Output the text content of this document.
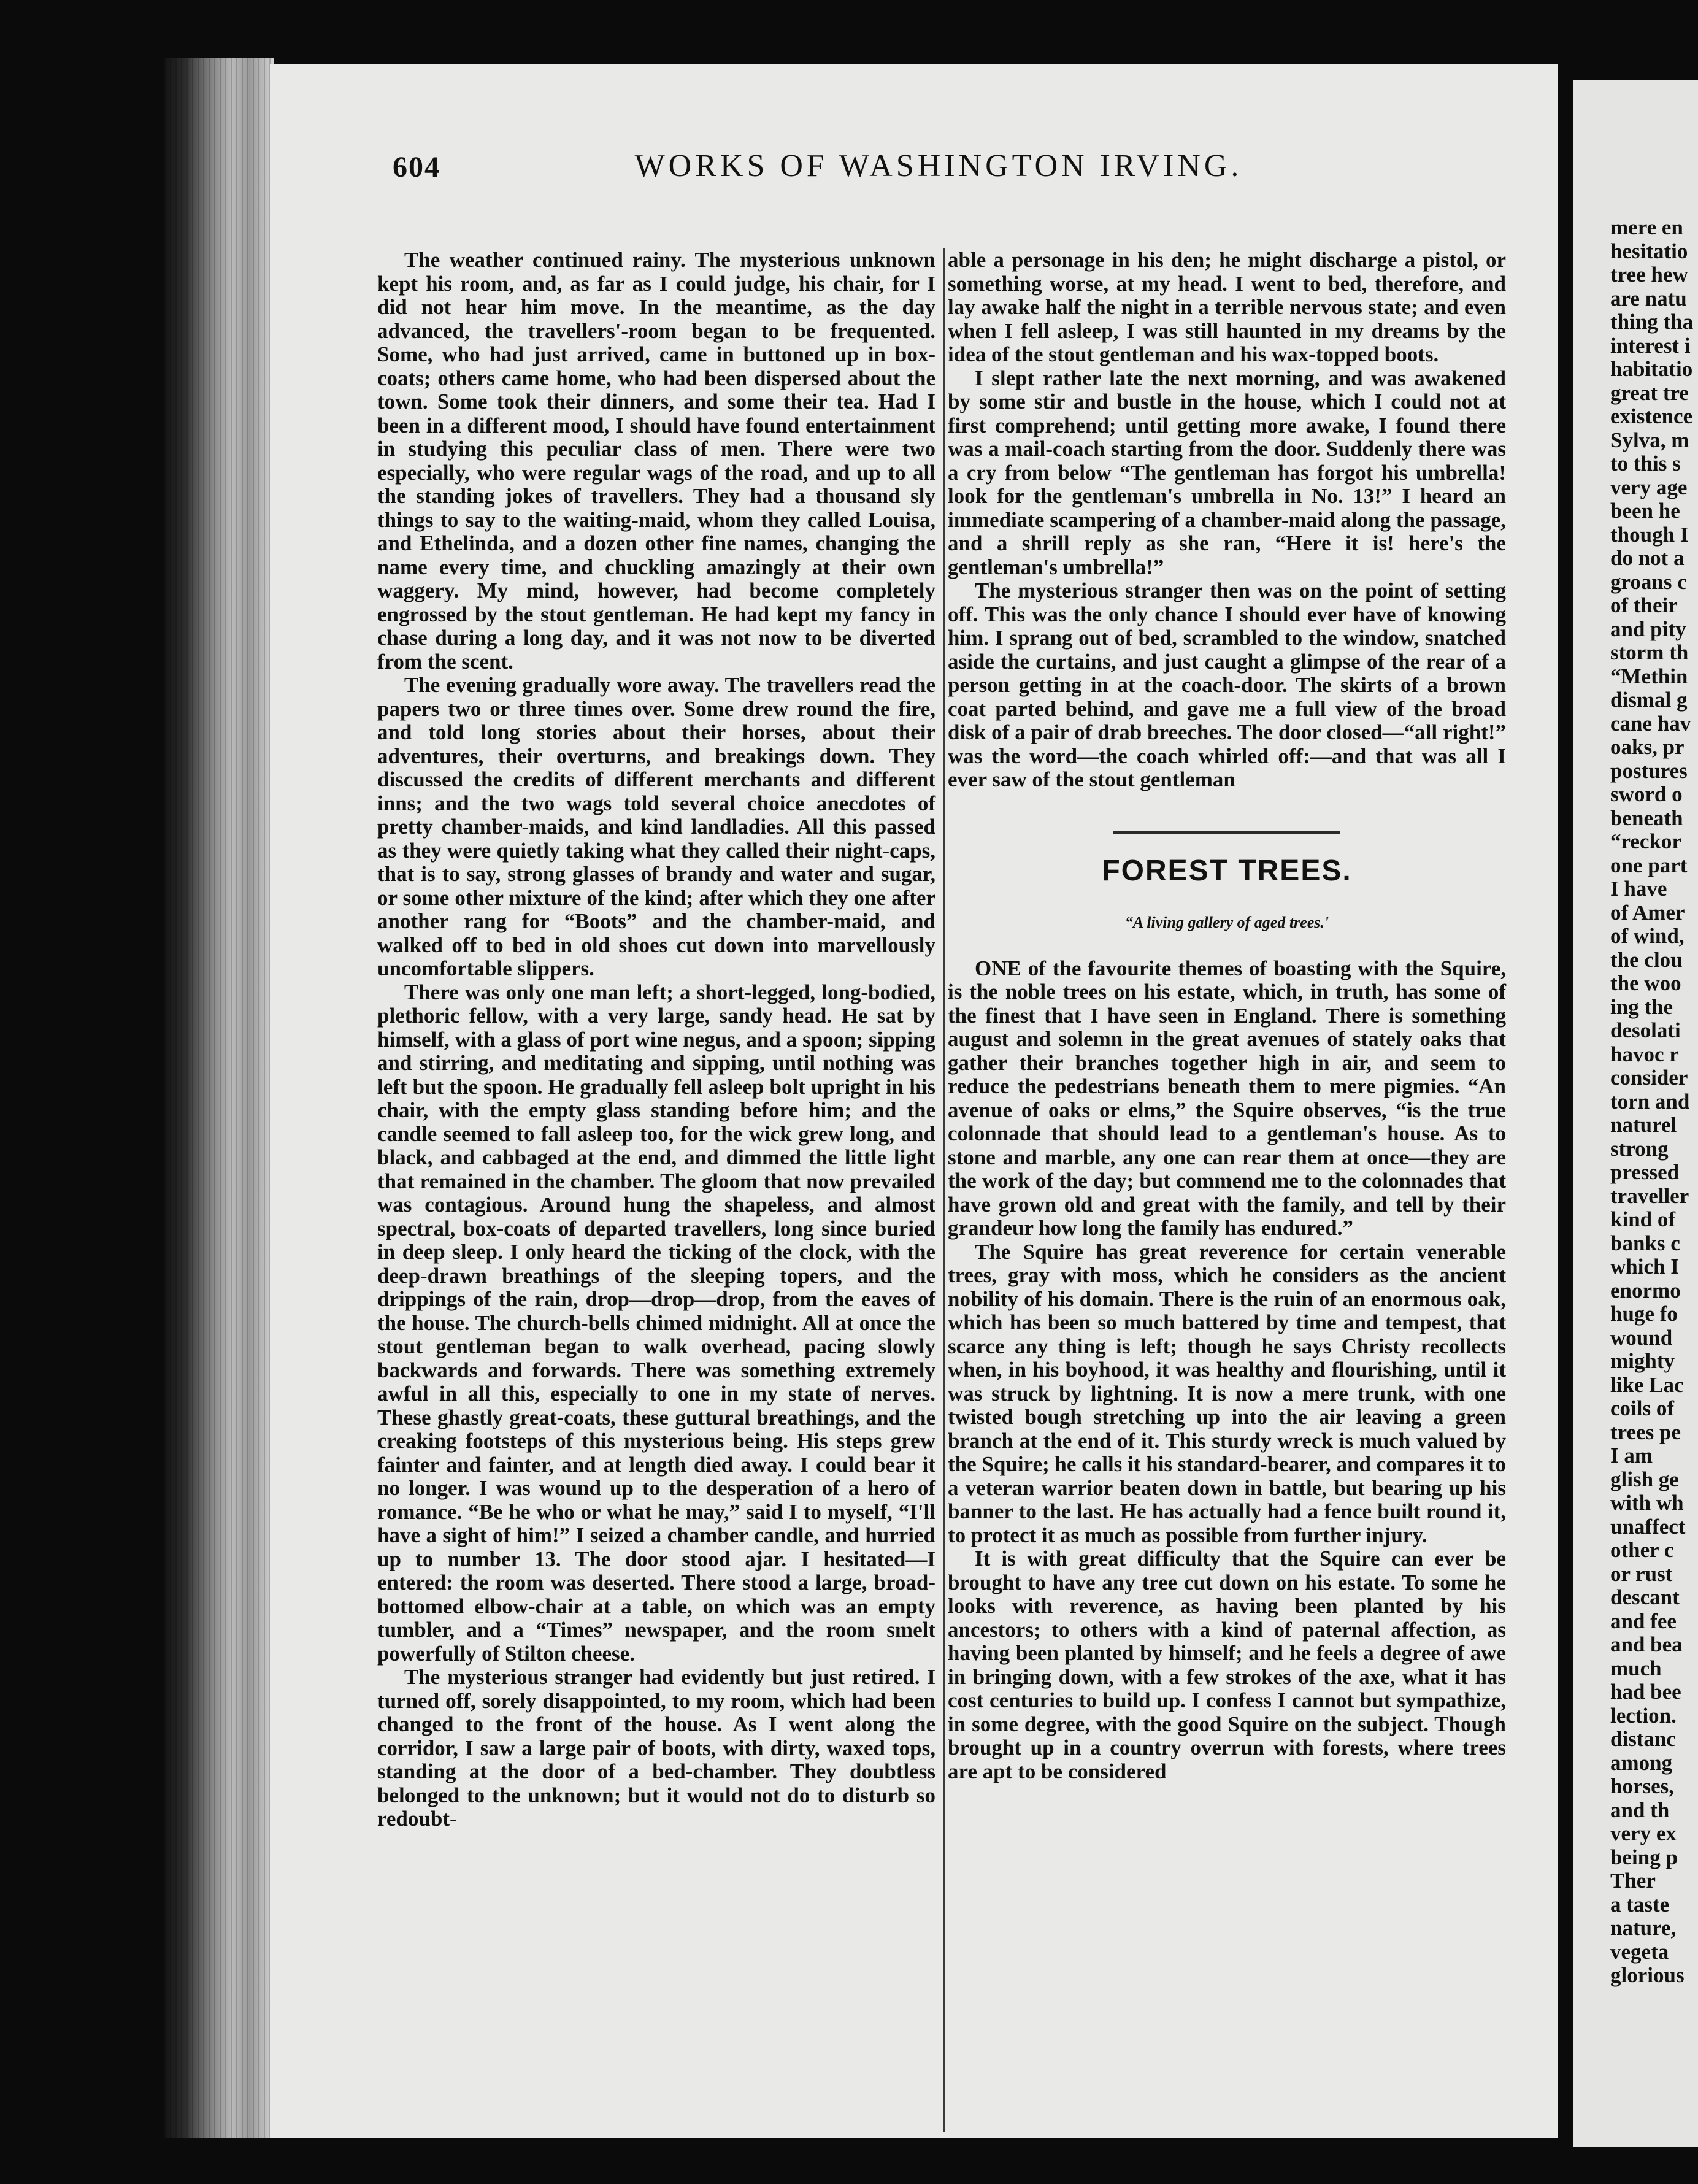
604	WORKS OF WASHINGTON IRVING.

The weather continued rainy. The mysterious unknown kept his room, and, as far as I could judge, his chair, for I did not hear him move. In the meantime, as the day advanced, the travellers'-room began to be frequented. Some, who had just arrived, came in buttoned up in box-coats; others came home, who had been dispersed about the town. Some took their dinners, and some their tea. Had I been in a different mood, I should have found entertainment in studying this peculiar class of men. There were two especially, who were regular wags of the road, and up to all the standing jokes of travellers. They had a thousand sly things to say to the waiting-maid, whom they called Louisa, and Ethelinda, and a dozen other fine names, changing the name every time, and chuckling amazingly at their own waggery. My mind, however, had become completely engrossed by the stout gentleman. He had kept my fancy in chase during a long day, and it was not now to be diverted from the scent.

The evening gradually wore away. The travellers read the papers two or three times over. Some drew round the fire, and told long stories about their horses, about their adventures, their overturns, and breakings down. They discussed the credits of different merchants and different inns; and the two wags told several choice anecdotes of pretty chamber-maids, and kind landladies. All this passed as they were quietly taking what they called their night-caps, that is to say, strong glasses of brandy and water and sugar, or some other mixture of the kind; after which they one after another rang for “Boots” and the chamber-maid, and walked off to bed in old shoes cut down into marvellously uncomfortable slippers.

There was only one man left; a short-legged, long-bodied, plethoric fellow, with a very large, sandy head. He sat by himself, with a glass of port wine negus, and a spoon; sipping and stirring, and meditating and sipping, until nothing was left but the spoon. He gradually fell asleep bolt upright in his chair, with the empty glass standing before him; and the candle seemed to fall asleep too, for the wick grew long, and black, and cabbaged at the end, and dimmed the little light that remained in the chamber. The gloom that now prevailed was contagious. Around hung the shapeless, and almost spectral, box-coats of departed travellers, long since buried in deep sleep. I only heard the ticking of the clock, with the deep-drawn breathings of the sleeping topers, and the drippings of the rain, drop—drop—drop, from the eaves of the house. The church-bells chimed midnight. All at once the stout gentleman began to walk overhead, pacing slowly backwards and forwards. There was something extremely awful in all this, especially to one in my state of nerves. These ghastly great-coats, these guttural breathings, and the creaking footsteps of this mysterious being. His steps grew fainter and fainter, and at length died away. I could bear it no longer. I was wound up to the desperation of a hero of romance. “Be he who or what he may,” said I to myself, “I'll have a sight of him!” I seized a chamber candle, and hurried up to number 13. The door stood ajar. I hesitated—I entered: the room was deserted. There stood a large, broad-bottomed elbow-chair at a table, on which was an empty tumbler, and a “Times” newspaper, and the room smelt powerfully of Stilton cheese.

The mysterious stranger had evidently but just retired. I turned off, sorely disappointed, to my room, which had been changed to the front of the house. As I went along the corridor, I saw a large pair of boots, with dirty, waxed tops, standing at the door of a bed-chamber. They doubtless belonged to the unknown; but it would not do to disturb so redoubt-

able a personage in his den; he might discharge a pistol, or something worse, at my head. I went to bed, therefore, and lay awake half the night in a terrible nervous state; and even when I fell asleep, I was still haunted in my dreams by the idea of the stout gentleman and his wax-topped boots.

I slept rather late the next morning, and was awakened by some stir and bustle in the house, which I could not at first comprehend; until getting more awake, I found there was a mail-coach starting from the door. Suddenly there was a cry from below “The gentleman has forgot his umbrella! look for the gentleman's umbrella in No. 13!” I heard an immediate scampering of a chamber-maid along the passage, and a shrill reply as she ran, “Here it is! here's the gentleman's umbrella!”

The mysterious stranger then was on the point of setting off. This was the only chance I should ever have of knowing him. I sprang out of bed, scrambled to the window, snatched aside the curtains, and just caught a glimpse of the rear of a person getting in at the coach-door. The skirts of a brown coat parted behind, and gave me a full view of the broad disk of a pair of drab breeches. The door closed—“all right!” was the word—the coach whirled off:—and that was all I ever saw of the stout gentleman

FOREST TREES.
“A living gallery of aged trees.'

ONE of the favourite themes of boasting with the Squire, is the noble trees on his estate, which, in truth, has some of the finest that I have seen in England. There is something august and solemn in the great avenues of stately oaks that gather their branches together high in air, and seem to reduce the pedestrians beneath them to mere pigmies. “An avenue of oaks or elms,” the Squire observes, “is the true colonnade that should lead to a gentleman's house. As to stone and marble, any one can rear them at once—they are the work of the day; but commend me to the colonnades that have grown old and great with the family, and tell by their grandeur how long the family has endured.”

The Squire has great reverence for certain venerable trees, gray with moss, which he considers as the ancient nobility of his domain. There is the ruin of an enormous oak, which has been so much battered by time and tempest, that scarce any thing is left; though he says Christy recollects when, in his boyhood, it was healthy and flourishing, until it was struck by lightning. It is now a mere trunk, with one twisted bough stretching up into the air leaving a green branch at the end of it. This sturdy wreck is much valued by the Squire; he calls it his standard-bearer, and compares it to a veteran warrior beaten down in battle, but bearing up his banner to the last. He has actually had a fence built round it, to protect it as much as possible from further injury.

It is with great difficulty that the Squire can ever be brought to have any tree cut down on his estate. To some he looks with reverence, as having been planted by his ancestors; to others with a kind of paternal affection, as having been planted by himself; and he feels a degree of awe in bringing down, with a few strokes of the axe, what it has cost centuries to build up. I confess I cannot but sympathize, in some degree, with the good Squire on the subject. Though brought up in a country overrun with forests, where trees are apt to be considered

mere en
hesitatio
tree hew
are natu
thing tha
interest i
habitatio
great tre
existence
Sylva, m
to this s
very age
been he
though I
do not a
groans c
of their
and pity
storm th
“Methin
dismal g
cane hav
oaks, pr
postures
sword o
beneath
“reckor
one part
I have
of Amer
of wind,
the clou
the woo
ing the
desolati
havoc r
consider
torn and
naturel
strong
pressed
traveller
kind of
banks c
which I
enormo
huge fo
wound
mighty
like Lac
coils of
trees pe
I am
glish ge
with wh
unaffect
other c
or rust
descant
and fee
and bea
much
had bee
lection.
distanc
among
horses,
and th
very ex
being p
Ther
a taste
nature,
vegeta
glorious
